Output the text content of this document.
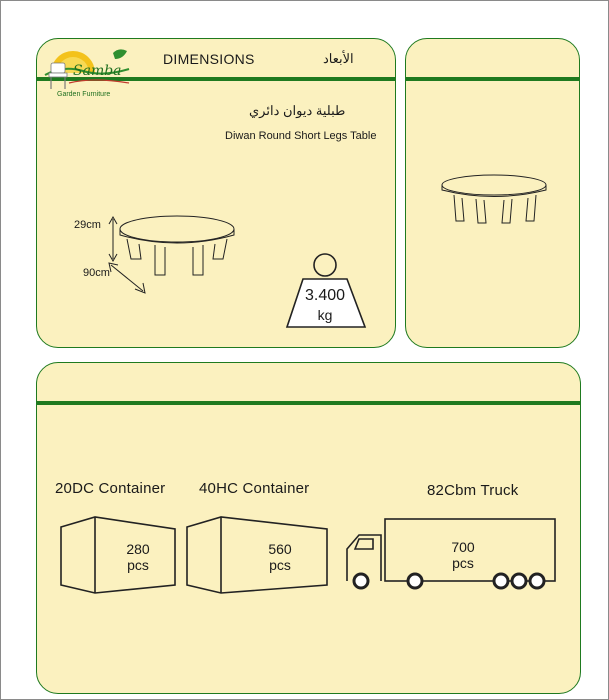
Samba
Garden Furniture
DIMENSIONS	الأبعاد
طبلية ديوان دائري
Diwan Round Short Legs Table
29cm
90cm
3.400
kg
20DC Container 40HC Container	82Cbm Truck
280
pcs
560
pcs
700
pcs
